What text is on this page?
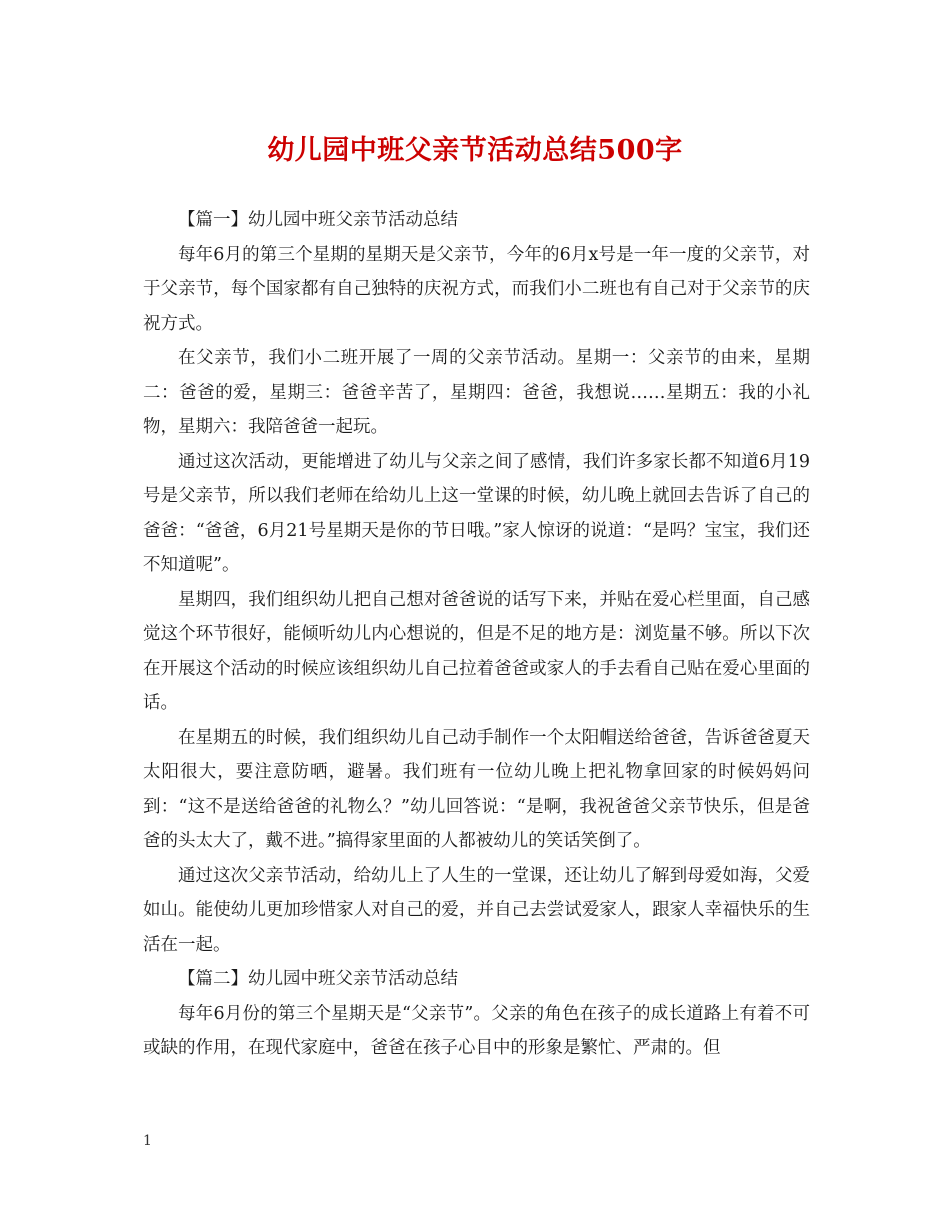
幼儿园中班父亲节活动总结500字

【篇一】幼儿园中班父亲节活动总结

每年6月的第三个星期的星期天是父亲节，今年的6月x号是一年一度的父亲节，对于父亲节，每个国家都有自己独特的庆祝方式，而我们小二班也有自己对于父亲节的庆祝方式。

在父亲节，我们小二班开展了一周的父亲节活动。星期一：父亲节的由来，星期二：爸爸的爱，星期三：爸爸辛苦了，星期四：爸爸，我想说……星期五：我的小礼物，星期六：我陪爸爸一起玩。

通过这次活动，更能增进了幼儿与父亲之间了感情，我们许多家长都不知道6月19号是父亲节，所以我们老师在给幼儿上这一堂课的时候，幼儿晚上就回去告诉了自己的爸爸：“爸爸，6月21号星期天是你的节日哦。”家人惊讶的说道：“是吗？宝宝，我们还不知道呢”。

星期四，我们组织幼儿把自己想对爸爸说的话写下来，并贴在爱心栏里面，自己感觉这个环节很好，能倾听幼儿内心想说的，但是不足的地方是：浏览量不够。所以下次在开展这个活动的时候应该组织幼儿自己拉着爸爸或家人的手去看自己贴在爱心里面的话。

在星期五的时候，我们组织幼儿自己动手制作一个太阳帽送给爸爸，告诉爸爸夏天太阳很大，要注意防晒，避暑。我们班有一位幼儿晚上把礼物拿回家的时候妈妈问到：“这不是送给爸爸的礼物么？”幼儿回答说：“是啊，我祝爸爸父亲节快乐，但是爸爸的头太大了，戴不进。”搞得家里面的人都被幼儿的笑话笑倒了。

通过这次父亲节活动，给幼儿上了人生的一堂课，还让幼儿了解到母爱如海，父爱如山。能使幼儿更加珍惜家人对自己的爱，并自己去尝试爱家人，跟家人幸福快乐的生活在一起。

【篇二】幼儿园中班父亲节活动总结

每年6月份的第三个星期天是“父亲节”。父亲的角色在孩子的成长道路上有着不可或缺的作用，在现代家庭中，爸爸在孩子心目中的形象是繁忙、严肃的。但

1
